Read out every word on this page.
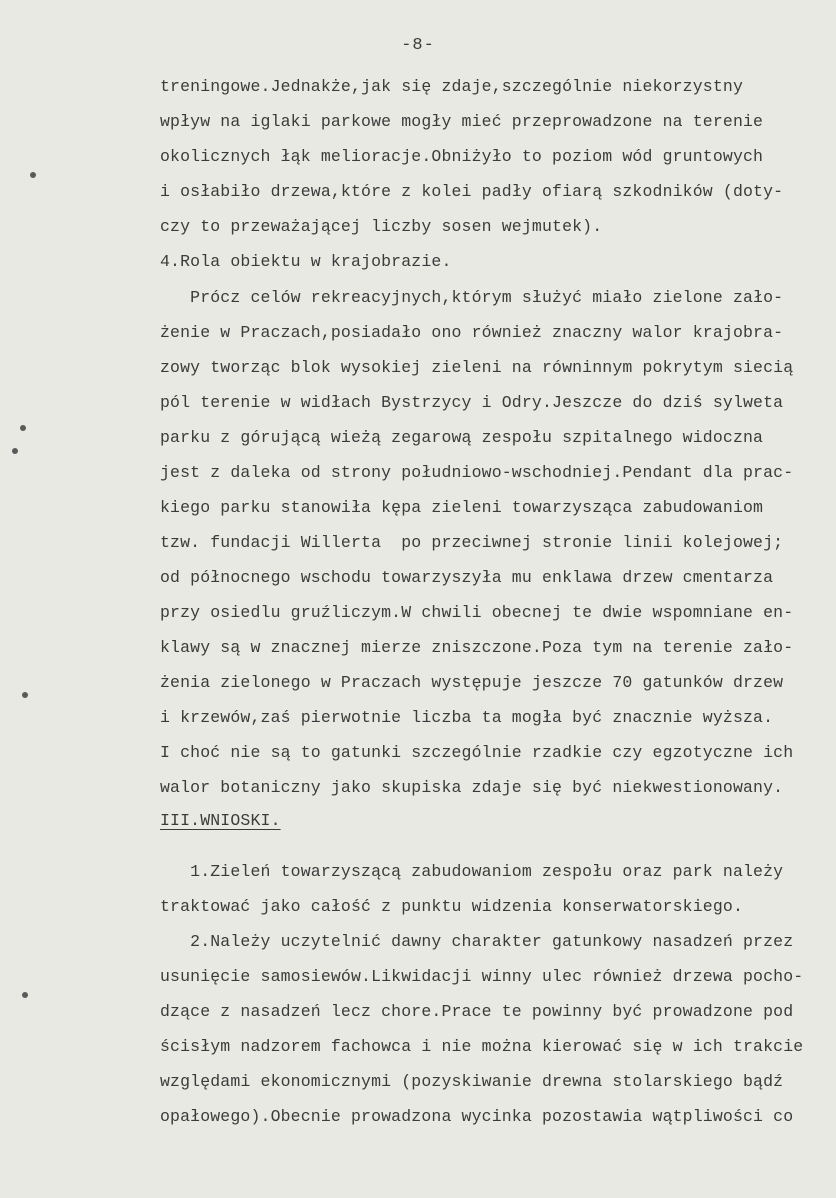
-8-
treningowe.Jednakże,jak się zdaje,szczególnie niekorzystny
wpływ na iglaki parkowe mogły mieć przeprowadzone na terenie
okolicznych łąk melioracje.Obniżyło to poziom wód gruntowych
i osłabiło drzewa,które z kolei padły ofiarą szkodników (doty-
czy to przeważającej liczby sosen wejmutek).
4.Rola obiektu w krajobrazie.
Prócz celów rekreacyjnych,którym służyć miało zielone zało-
żenie w Praczach,posiadało ono również znaczny walor krajobra-
zowy tworząc blok wysokiej zieleni na równinnym pokrytym siecią
pól terenie w widłach Bystrzycy i Odry.Jeszcze do dziś sylweta
parku z górującą wieżą zegarową zespołu szpitalnego widoczna
jest z daleka od strony południowo-wschodniej.Pendant dla prac-
kiego parku stanowiła kępa zieleni towarzysząca zabudowaniom
tzw. fundacji Willerta  po przeciwnej stronie linii kolejowej;
od północnego wschodu towarzyszyła mu enklawa drzew cmentarza
przy osiedlu gruźliczym.W chwili obecnej te dwie wspomniane en-
klawy są w znacznej mierze zniszczone.Poza tym na terenie zało-
żenia zielonego w Praczach występuje jeszcze 70 gatunków drzew
i krzewów,zaś pierwotnie liczba ta mogła być znacznie wyższa.
I choć nie są to gatunki szczególnie rzadkie czy egzotyczne ich
walor botaniczny jako skupiska zdaje się być niekwestionowany.
III.WNIOSKI.
1.Zieleń towarzyszącą zabudowaniom zespołu oraz park należy
traktować jako całość z punktu widzenia konserwatorskiego.
2.Należy uczytelnić dawny charakter gatunkowy nasadzeń przez
usunięcie samosiewów.Likwidacji winny ulec również drzewa pocho-
dzące z nasadzeń lecz chore.Prace te powinny być prowadzone pod
ścisłym nadzorem fachowca i nie można kierować się w ich trakcie
względami ekonomicznymi (pozyskiwanie drewna stolarskiego bądź
opałowego).Obecnie prowadzona wycinka pozostawia wątpliwości co
